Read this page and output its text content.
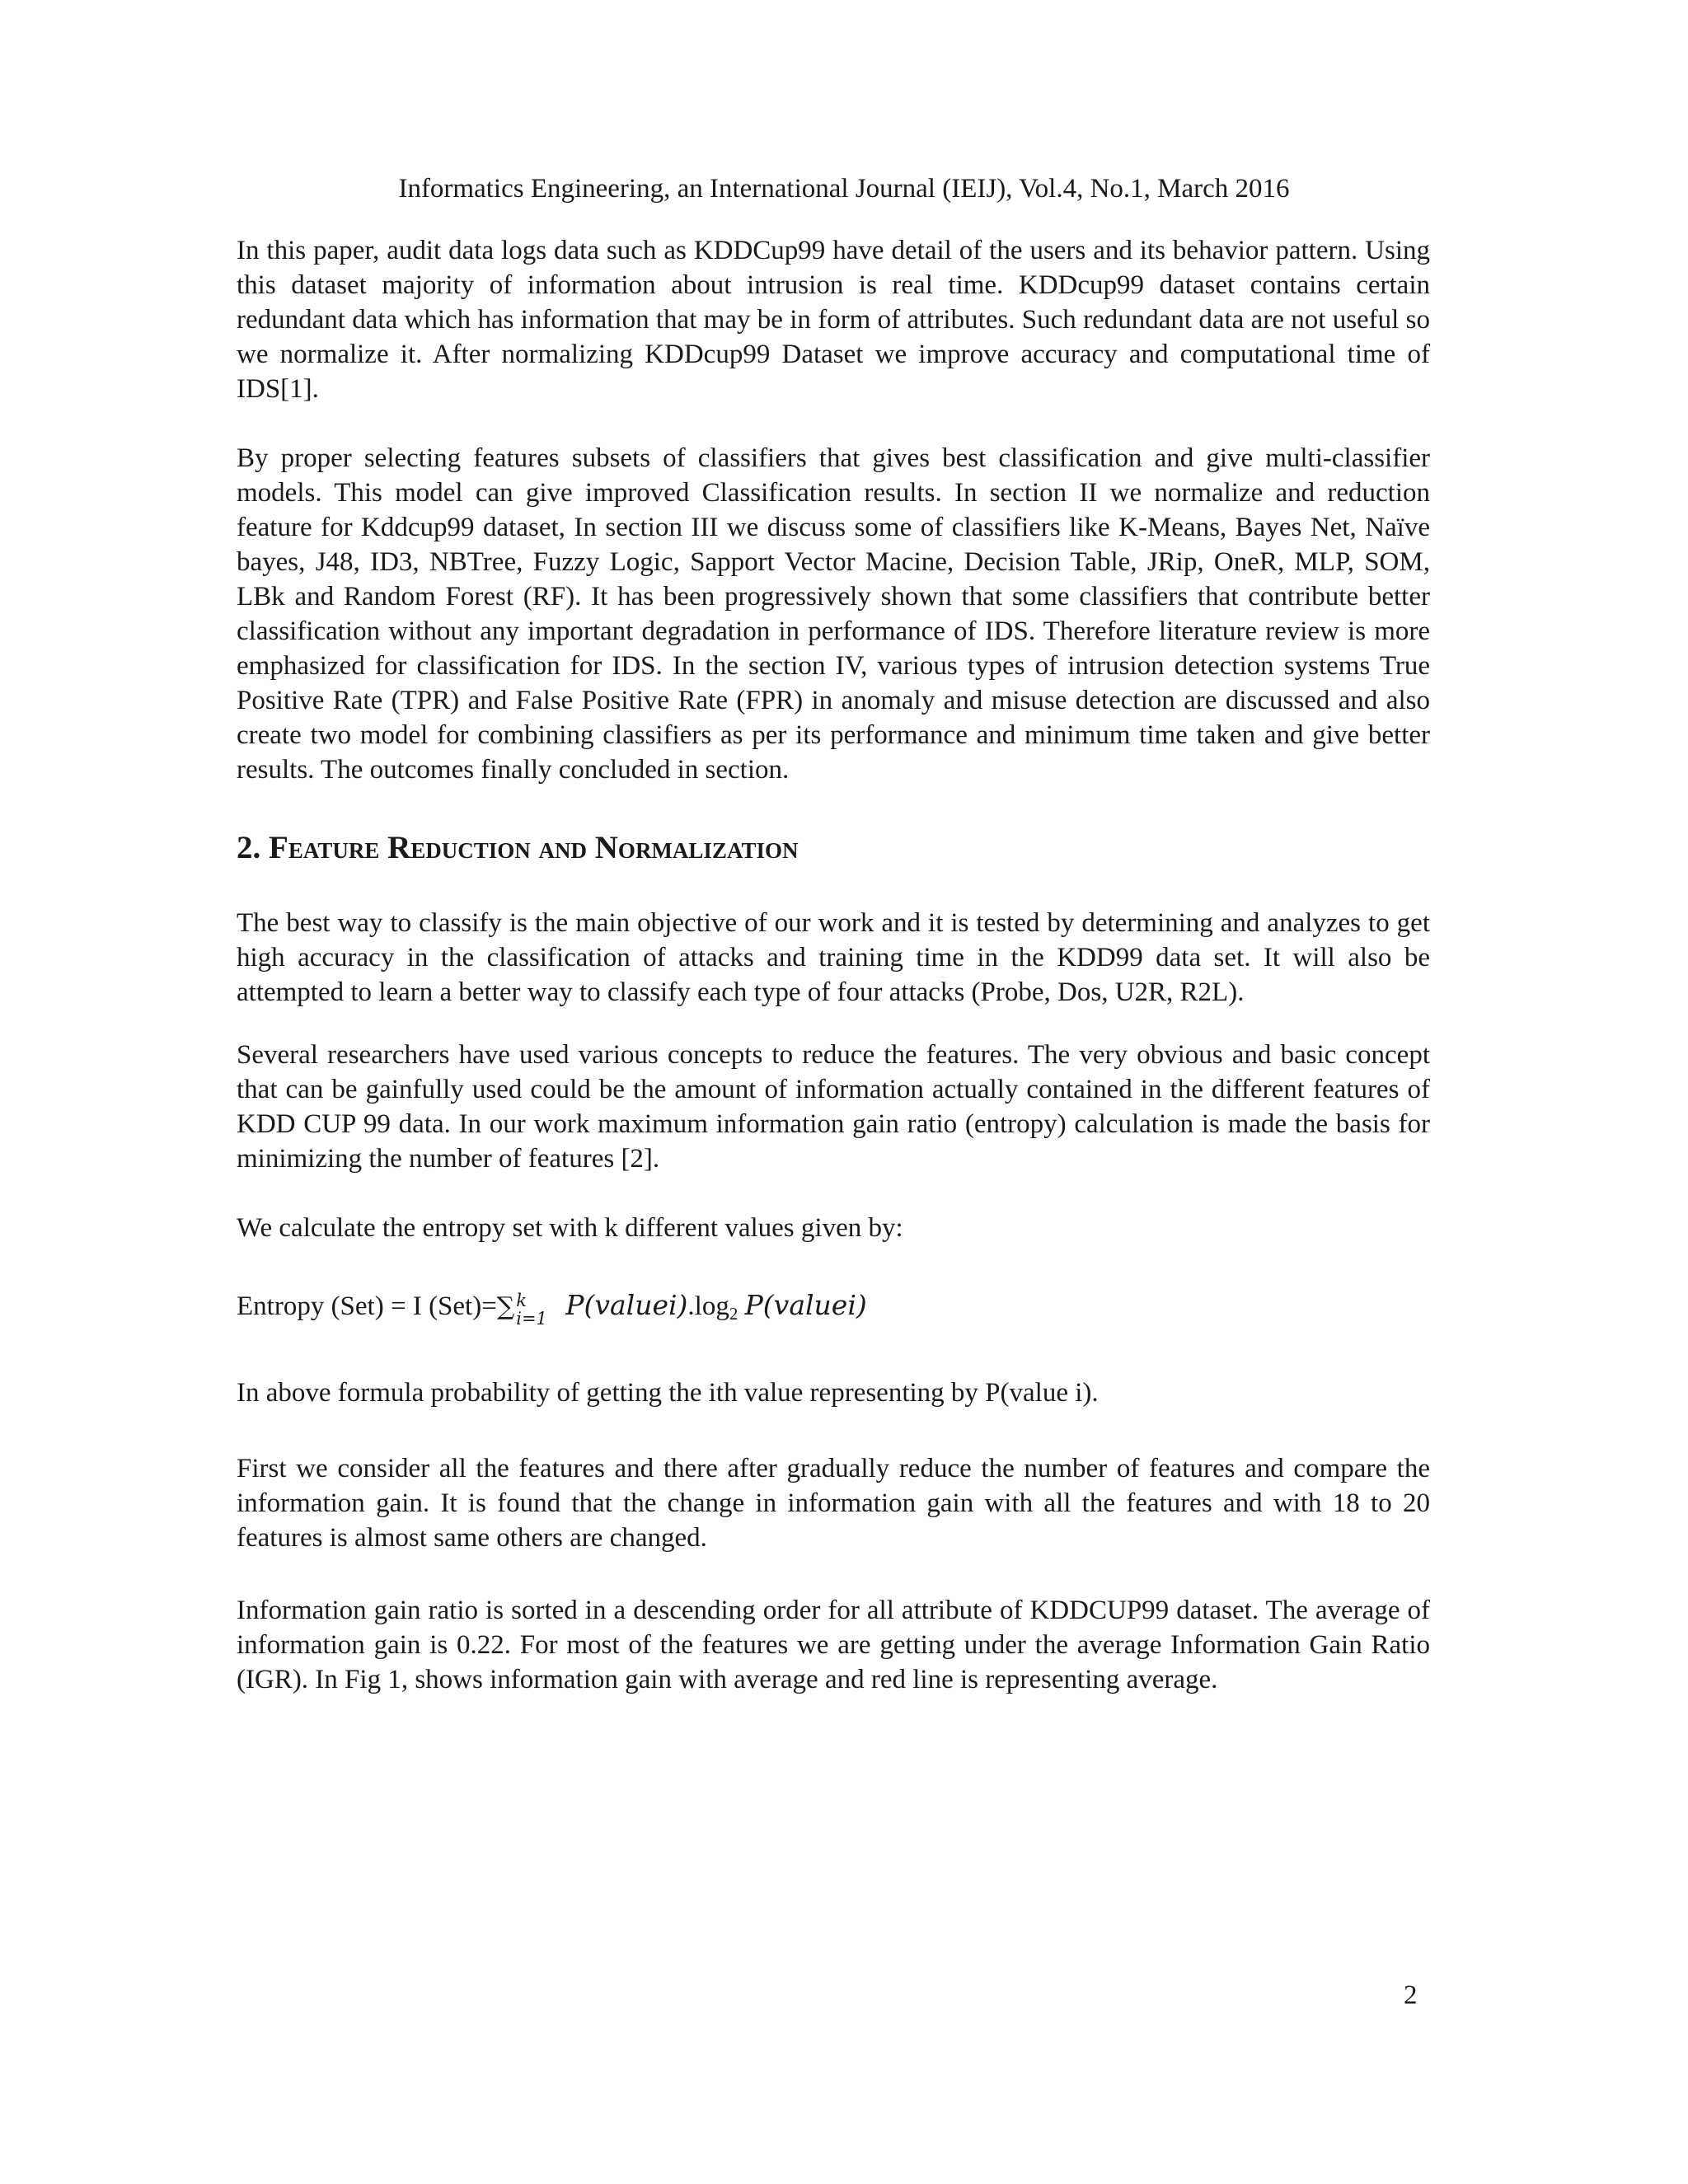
Informatics Engineering, an International Journal (IEIJ), Vol.4, No.1, March 2016

In this paper, audit data logs data such as KDDCup99 have detail of the users and its behavior pattern. Using this dataset majority of information about intrusion is real time. KDDcup99 dataset contains certain redundant data which has information that may be in form of attributes. Such redundant data are not useful so we normalize it. After normalizing KDDcup99 Dataset we improve accuracy and computational time of IDS[1].

By proper selecting features subsets of classifiers that gives best classification and give multi-classifier models. This model can give improved Classification results. In section II we normalize and reduction feature for Kddcup99 dataset, In section III we discuss some of classifiers like K-Means, Bayes Net, Naïve bayes, J48, ID3, NBTree, Fuzzy Logic, Sapport Vector Macine, Decision Table, JRip, OneR, MLP, SOM, LBk and Random Forest (RF). It has been progressively shown that some classifiers that contribute better classification without any important degradation in performance of IDS. Therefore literature review is more emphasized for classification for IDS. In the section IV, various types of intrusion detection systems True Positive Rate (TPR) and False Positive Rate (FPR) in anomaly and misuse detection are discussed and also create two model for combining classifiers as per its performance and minimum time taken and give better results. The outcomes finally concluded in section.

2. Feature Reduction and Normalization

The best way to classify is the main objective of our work and it is tested by determining and analyzes to get high accuracy in the classification of attacks and training time in the KDD99 data set. It will also be attempted to learn a better way to classify each type of four attacks (Probe, Dos, U2R, R2L).

Several researchers have used various concepts to reduce the features. The very obvious and basic concept that can be gainfully used could be the amount of information actually contained in the different features of KDD CUP 99 data. In our work maximum information gain ratio (entropy) calculation is made the basis for minimizing the number of features [2].

We calculate the entropy set with k different values given by:

Entropy (Set) = I (Set)=∑ k
i=1 $P(valuei).\log_2$ P(valuei)

In above formula probability of getting the ith value representing by P(value i).

First we consider all the features and there after gradually reduce the number of features and compare the information gain. It is found that the change in information gain with all the features and with 18 to 20 features is almost same others are changed.

Information gain ratio is sorted in a descending order for all attribute of KDDCUP99 dataset. The average of information gain is 0.22. For most of the features we are getting under the average Information Gain Ratio (IGR). In Fig 1, shows information gain with average and red line is representing average.

2
